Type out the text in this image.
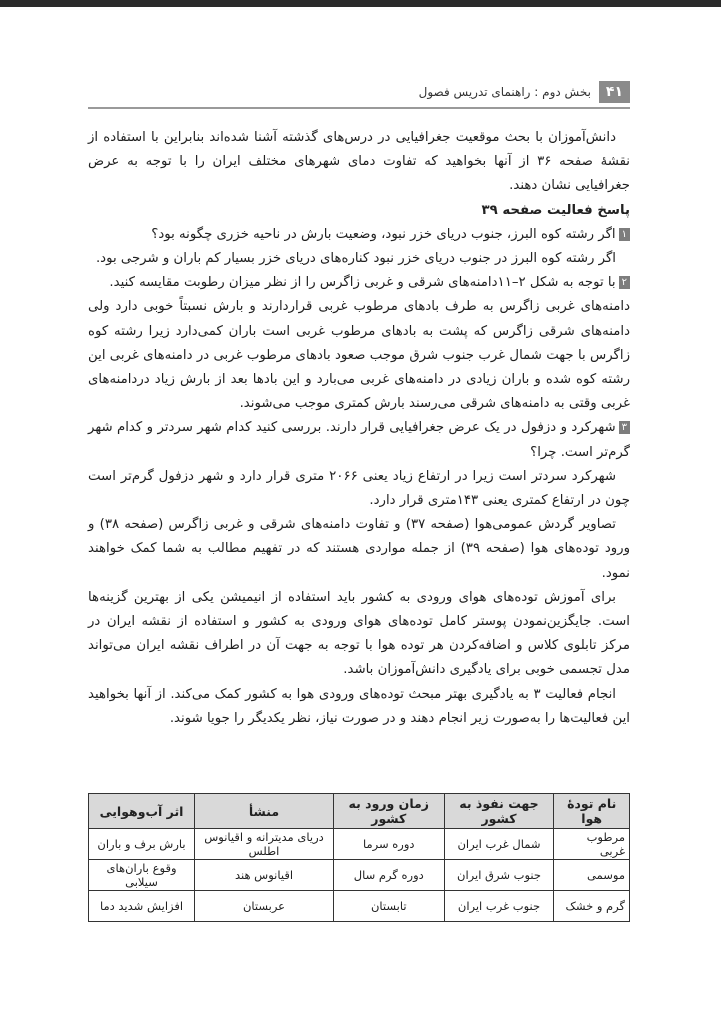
۴۱
بخش دوم : راهنمای تدریس فصول

دانش‌آموزان با بحث موقعیت جغرافیایی در درس‌های گذشته آشنا شده‌اند بنابراین با استفاده از نقشهٔ صفحه ۳۶ از آنها بخواهید که تفاوت دمای شهرهای مختلف ایران را با توجه به عرض جغرافیایی نشان دهند.

پاسخ فعالیت صفحه ۳۹

۱اگر رشته کوه البرز، جنوب دریای خزر نبود، وضعیت بارش در ناحیه خزری چگونه بود؟

اگر رشته کوه البرز در جنوب دریای خزر نبود کناره‌های دریای خزر بسیار کم باران و شرجی بود.

۲با توجه به شکل ۲–۱۱دامنه‌های شرقی و غربی زاگرس را از نظر میزان رطوبت مقایسه کنید.

دامنه‌های غربی زاگرس به طرف بادهای مرطوب غربی قراردارند و بارش نسبتاً خوبی دارد ولی دامنه‌های شرقی زاگرس که پشت به بادهای مرطوب غربی است باران کمی‌دارد زیرا رشته کوه زاگرس با جهت شمال غرب جنوب شرق موجب صعود بادهای مرطوب غربی در دامنه‌های غربی این رشته کوه شده و باران زیادی در دامنه‌های غربی می‌بارد و این بادها بعد از بارش زیاد دردامنه‌های غربی وقتی به دامنه‌های شرقی می‌رسند بارش کمتری موجب می‌شوند.

۳شهرکرد و دزفول در یک عرض جغرافیایی قرار دارند. بررسی کنید کدام شهر سردتر و کدام شهر گرم‌تر است. چرا؟

شهرکرد سردتر است زیرا در ارتفاع زیاد یعنی ۲۰۶۶ متری قرار دارد و شهر دزفول گرم‌تر است چون در ارتفاع کمتری یعنی ۱۴۳متری قرار دارد.

تصاویر گردش عمومی‌هوا (صفحه ۳۷) و تفاوت دامنه‌های شرقی و غربی زاگرس (صفحه ۳۸) و ورود توده‌های هوا (صفحه ۳۹) از جمله مواردی هستند که در تفهیم مطالب به شما کمک خواهند نمود.

برای آموزش توده‌های هوای ورودی به کشور باید استفاده از انیمیشن یکی از بهترین گزینه‌ها است. جایگزین‌نمودن پوستر کامل توده‌های هوای ورودی به کشور و استفاده از نقشه ایران در مرکز تابلوی کلاس و اضافه‌کردن هر توده هوا با توجه به جهت آن در اطراف نقشه ایران می‌تواند مدل تجسمی خوبی برای یادگیری دانش‌آموزان باشد.

انجام فعالیت ۳ به یادگیری بهتر مبحث توده‌های ورودی هوا به کشور کمک می‌کند. از آنها بخواهید این فعالیت‌ها را به‌صورت زیر انجام دهند و در صورت نیاز، نظر یکدیگر را جویا شوند.

نام تودهٔ هوا	جهت نفوذ به کشور	زمان ورود به کشور	منشأ	اثر آب‌وهوایی
مرطوب غربی	شمال غرب ایران	دوره سرما	دریای مدیترانه و اقیانوس اطلس	بارش برف و باران
موسمی	جنوب شرق ایران	دوره گرم سال	اقیانوس هند	وقوع باران‌های سیلابی
گرم و خشک	جنوب غرب ایران	تابستان	عربستان	افزایش شدید دما
